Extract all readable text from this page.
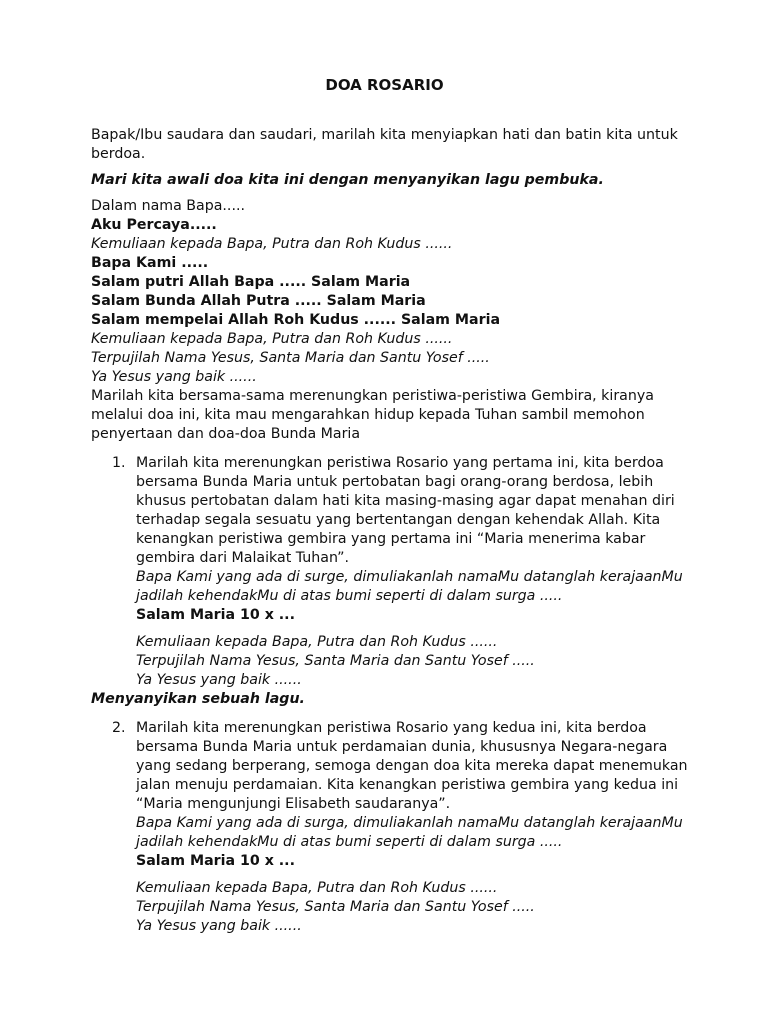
DOA ROSARIO

Bapak/Ibu saudara dan saudari, marilah kita menyiapkan hati dan batin kita untuk berdoa.

Mari kita awali doa kita ini dengan menyanyikan lagu pembuka.

Dalam nama Bapa.....

Aku Percaya.....

Kemuliaan kepada Bapa, Putra dan Roh Kudus ......

Bapa Kami .....

Salam putri Allah Bapa ..... Salam Maria

Salam Bunda Allah Putra ..... Salam Maria

Salam mempelai Allah Roh Kudus ...... Salam Maria

Kemuliaan kepada Bapa, Putra dan Roh Kudus ......

Terpujilah Nama Yesus, Santa Maria dan Santu Yosef .....

Ya Yesus yang baik ......

Marilah kita bersama-sama merenungkan peristiwa-peristiwa Gembira, kiranya melalui doa ini, kita mau mengarahkan hidup kepada Tuhan sambil memohon penyertaan dan doa-doa Bunda Maria

1. Marilah kita merenungkan peristiwa Rosario yang pertama ini, kita berdoa bersama Bunda Maria untuk pertobatan bagi orang-orang berdosa, lebih khusus pertobatan dalam hati kita masing-masing agar dapat menahan diri terhadap segala sesuatu yang bertentangan dengan kehendak Allah. Kita kenangkan peristiwa gembira yang pertama ini “Maria menerima kabar gembira dari Malaikat Tuhan”.

Bapa Kami yang ada di surge, dimuliakanlah namaMu datanglah kerajaanMu jadilah kehendakMu di atas bumi seperti di dalam surga .....

Salam Maria 10 x ...

Kemuliaan kepada Bapa, Putra dan Roh Kudus ......

Terpujilah Nama Yesus, Santa Maria dan Santu Yosef .....

Ya Yesus yang baik ......

Menyanyikan sebuah lagu.

2. Marilah kita merenungkan peristiwa Rosario yang kedua ini, kita berdoa bersama Bunda Maria untuk perdamaian dunia, khususnya Negara-negara yang sedang berperang, semoga dengan doa kita mereka dapat menemukan jalan menuju perdamaian. Kita kenangkan peristiwa gembira yang kedua ini “Maria mengunjungi Elisabeth saudaranya”.

Bapa Kami yang ada di surga, dimuliakanlah namaMu datanglah kerajaanMu jadilah kehendakMu di atas bumi seperti di dalam surga .....

Salam Maria 10 x ...

Kemuliaan kepada Bapa, Putra dan Roh Kudus ......

Terpujilah Nama Yesus, Santa Maria dan Santu Yosef .....

Ya Yesus yang baik ......
